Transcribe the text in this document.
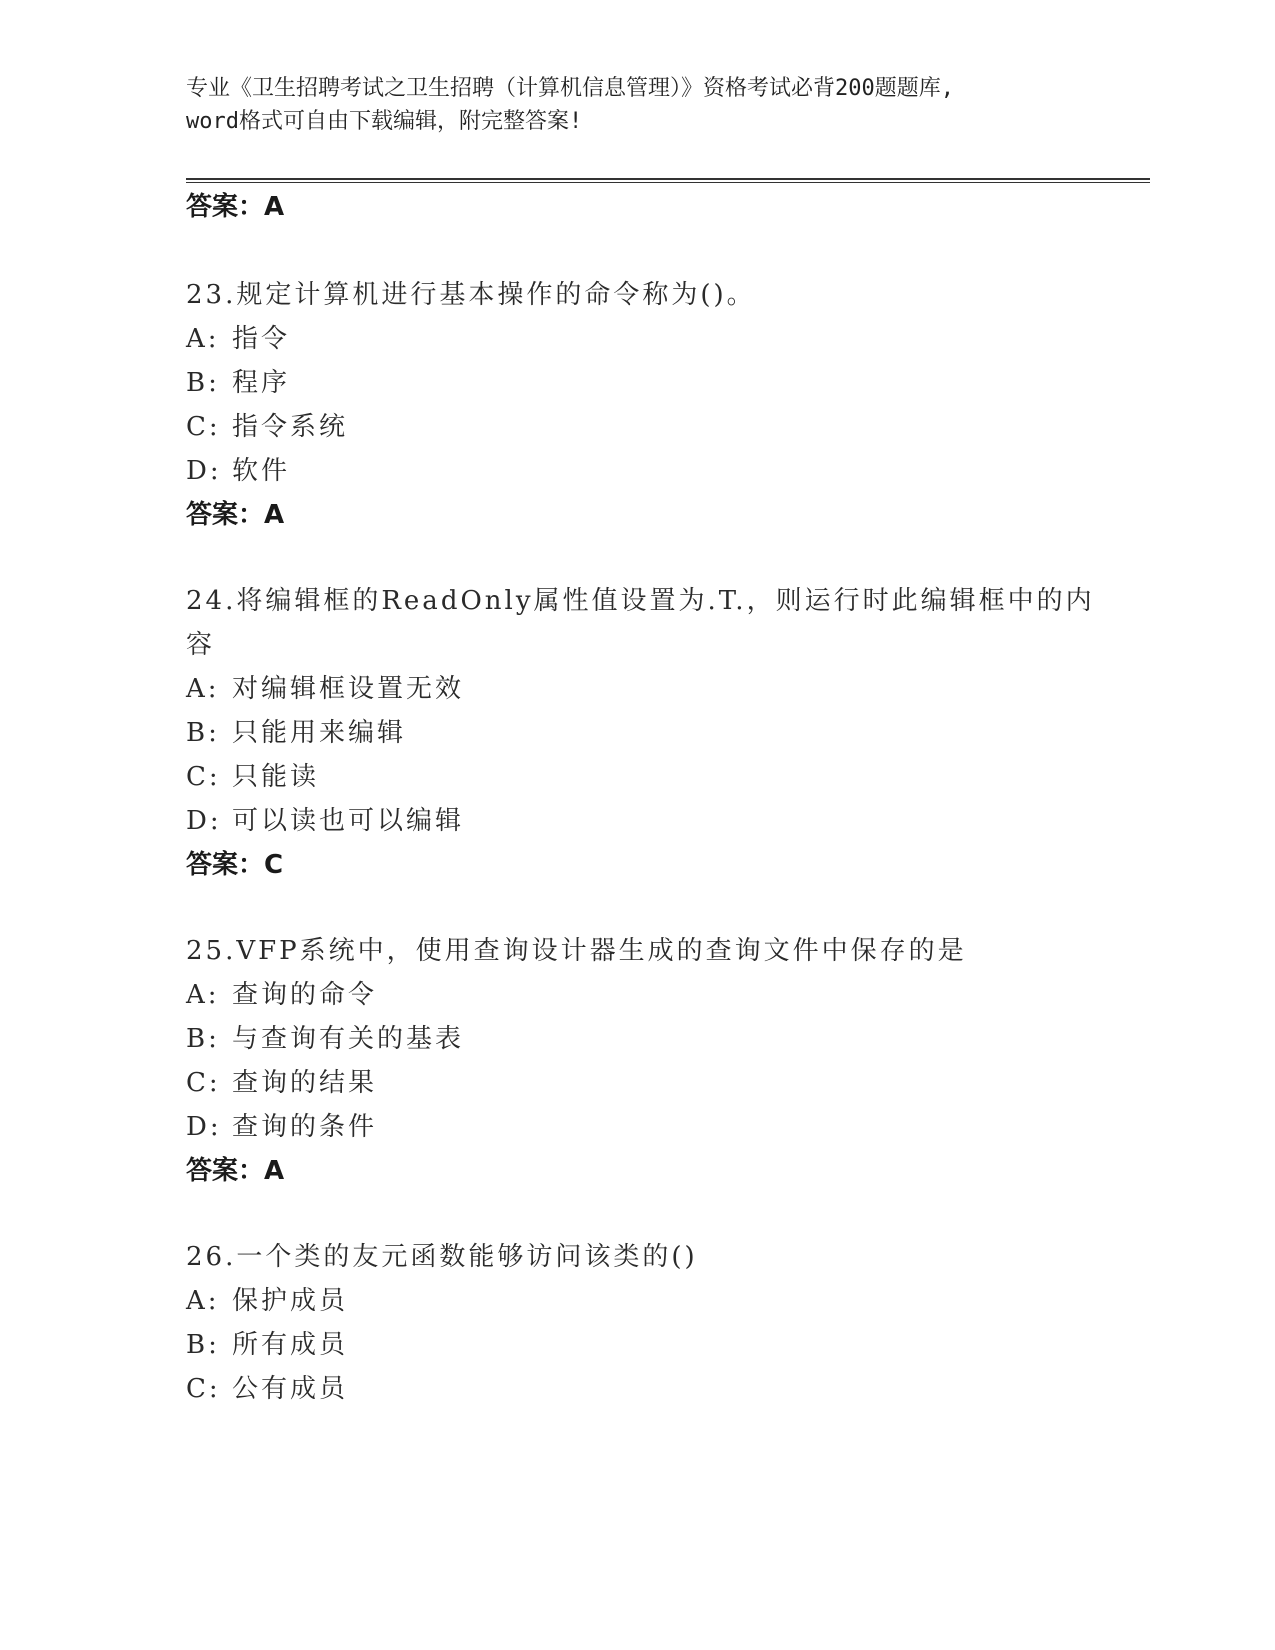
专业《卫生招聘考试之卫生招聘（计算机信息管理）》资格考试必背200题题库,
word格式可自由下载编辑，附完整答案!
答案：A
23.规定计算机进行基本操作的命令称为()。
A: 指令
B: 程序
C: 指令系统
D: 软件
答案：A
24.将编辑框的ReadOnly属性值设置为.T.，则运行时此编辑框中的内
容
A: 对编辑框设置无效
B: 只能用来编辑
C: 只能读
D: 可以读也可以编辑
答案：C
25.VFP系统中，使用查询设计器生成的查询文件中保存的是
A: 查询的命令
B: 与查询有关的基表
C: 查询的结果
D: 查询的条件
答案：A
26.一个类的友元函数能够访问该类的()
A: 保护成员
B: 所有成员
C: 公有成员
